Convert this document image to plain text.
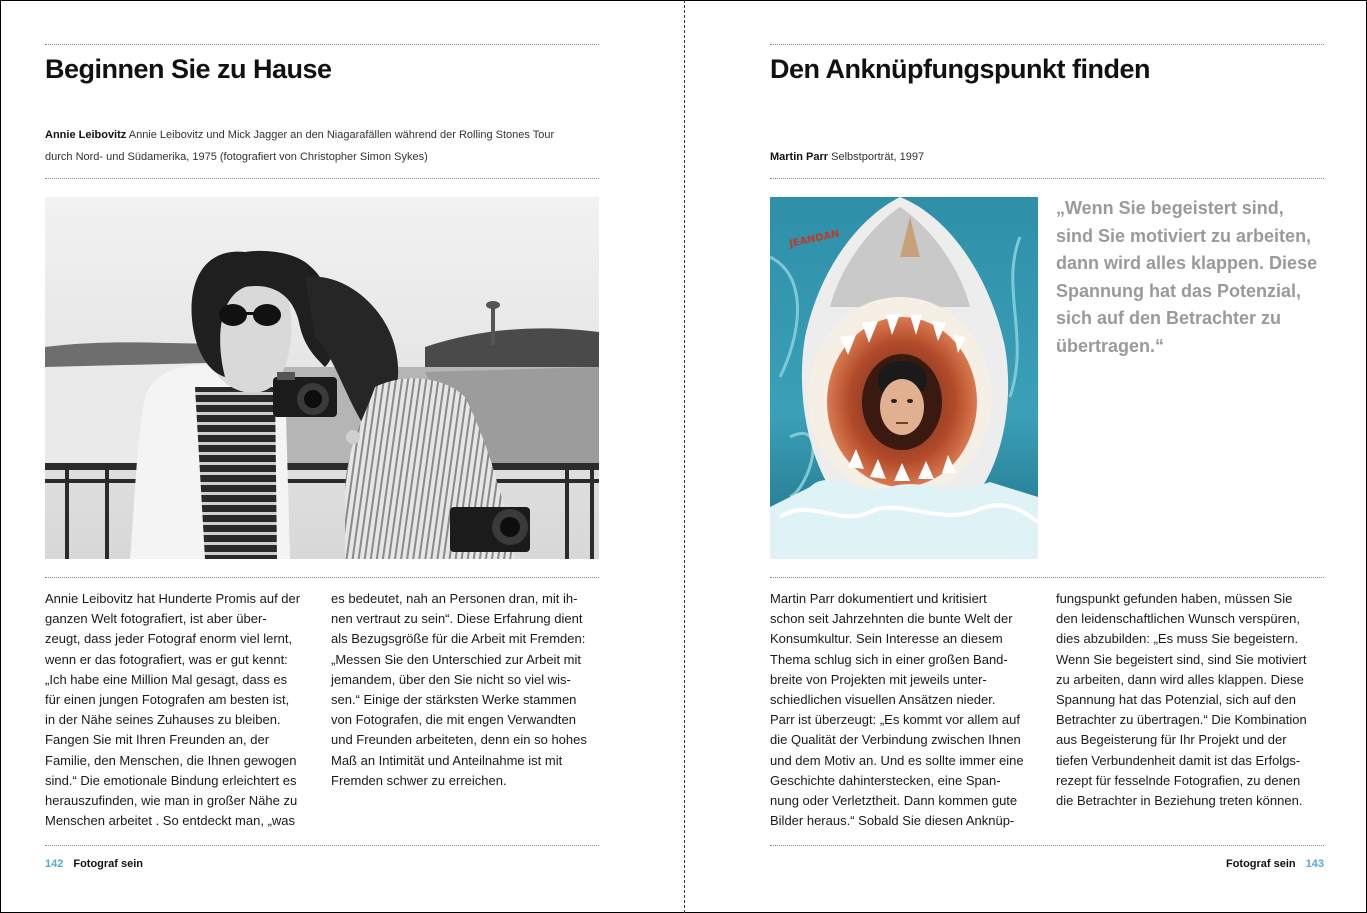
Beginnen Sie zu Hause
Annie Leibovitz Annie Leibovitz und Mick Jagger an den Niagarafällen während der Rolling Stones Tour
durch Nord- und Südamerika, 1975 (fotografiert von Christopher Simon Sykes)
Annie Leibovitz hat Hunderte Promis auf der
ganzen Welt fotografiert, ist aber über-
zeugt, dass jeder Fotograf enorm viel lernt,
wenn er das fotografiert, was er gut kennt:
„Ich habe eine Million Mal gesagt, dass es
für einen jungen Fotografen am besten ist,
in der Nähe seines Zuhauses zu bleiben.
Fangen Sie mit Ihren Freunden an, der
Familie, den Menschen, die Ihnen gewogen
sind.“ Die emotionale Bindung erleichtert es
herauszufinden, wie man in großer Nähe zu
Menschen arbeitet . So entdeckt man, „was
es bedeutet, nah an Personen dran, mit ih-
nen vertraut zu sein“. Diese Erfahrung dient
als Bezugsgröße für die Arbeit mit Fremden:
„Messen Sie den Unterschied zur Arbeit mit
jemandem, über den Sie nicht so viel wis-
sen.“ Einige der stärksten Werke stammen
von Fotografen, die mit engen Verwandten
und Freunden arbeiteten, denn ein so hohes
Maß an Intimität und Anteilnahme ist mit
Fremden schwer zu erreichen.
142 Fotograf sein
Den Anknüpfungspunkt finden
Martin Parr Selbstporträt, 1997
JEANDAN
„Wenn Sie begeistert sind,
sind Sie motiviert zu arbeiten,
dann wird alles klappen. Diese
Spannung hat das Potenzial,
sich auf den Betrachter zu
übertragen.“
Martin Parr dokumentiert und kritisiert
schon seit Jahrzehnten die bunte Welt der
Konsumkultur. Sein Interesse an diesem
Thema schlug sich in einer großen Band-
breite von Projekten mit jeweils unter-
schiedlichen visuellen Ansätzen nieder.
Parr ist überzeugt: „Es kommt vor allem auf
die Qualität der Verbindung zwischen Ihnen
und dem Motiv an. Und es sollte immer eine
Geschichte dahinterstecken, eine Span-
nung oder Verletztheit. Dann kommen gute
Bilder heraus.“ Sobald Sie diesen Anknüp-
fungspunkt gefunden haben, müssen Sie
den leidenschaftlichen Wunsch verspüren,
dies abzubilden: „Es muss Sie begeistern.
Wenn Sie begeistert sind, sind Sie motiviert
zu arbeiten, dann wird alles klappen. Diese
Spannung hat das Potenzial, sich auf den
Betrachter zu übertragen.“ Die Kombination
aus Begeisterung für Ihr Projekt und der
tiefen Verbundenheit damit ist das Erfolgs-
rezept für fesselnde Fotografien, zu denen
die Betrachter in Beziehung treten können.
Fotograf sein 143
